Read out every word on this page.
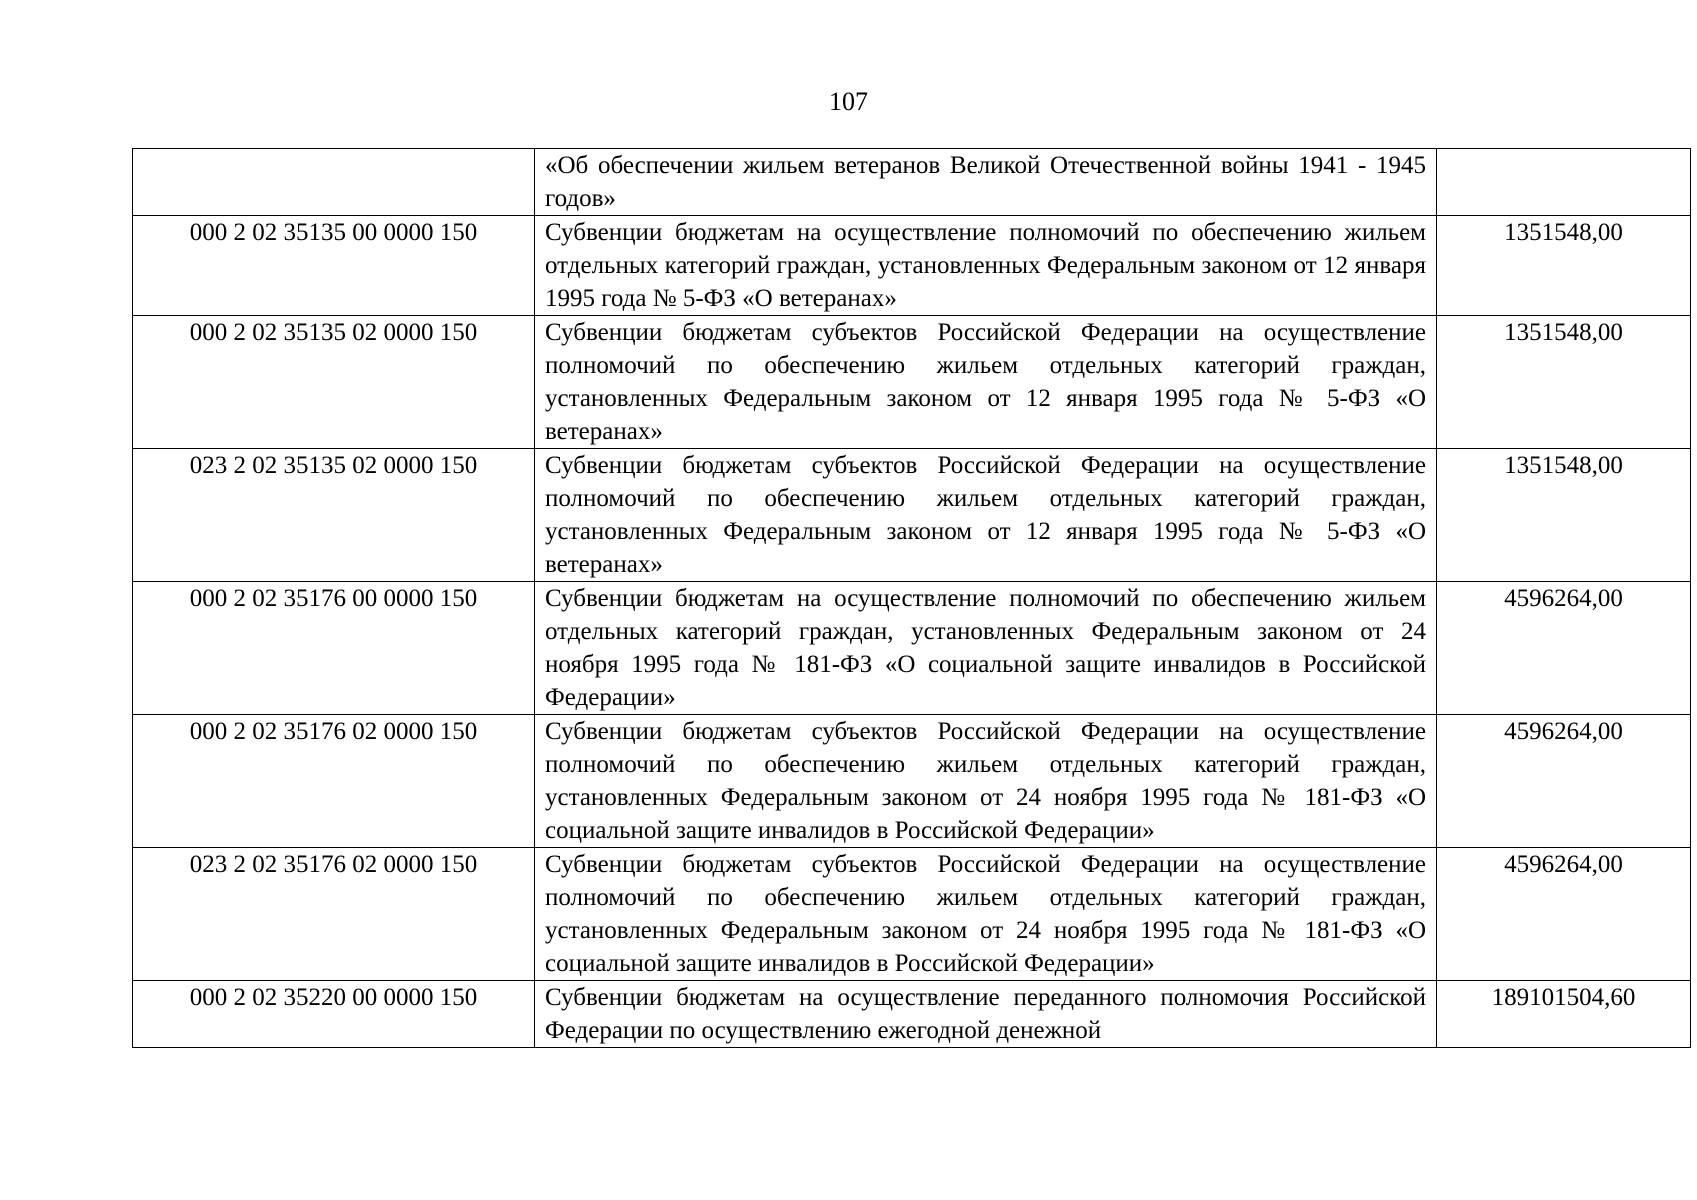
107
	«Об обеспечении жильем ветеранов Великой Отечественной войны 1941 - 1945 годов»	
000 2 02 35135 00 0000 150	Субвенции бюджетам на осуществление полномочий по обеспечению жильем отдельных категорий граждан, установленных Федеральным законом от 12 января 1995 года № 5-ФЗ «О ветеранах»	1351548,00
000 2 02 35135 02 0000 150	Субвенции бюджетам субъектов Российской Федерации на осуществление полномочий по обеспечению жильем отдельных категорий граждан, установленных Федеральным законом от 12 января 1995 года № 5-ФЗ «О ветеранах»	1351548,00
023 2 02 35135 02 0000 150	Субвенции бюджетам субъектов Российской Федерации на осуществление полномочий по обеспечению жильем отдельных категорий граждан, установленных Федеральным законом от 12 января 1995 года № 5-ФЗ «О ветеранах»	1351548,00
000 2 02 35176 00 0000 150	Субвенции бюджетам на осуществление полномочий по обеспечению жильем отдельных категорий граждан, установленных Федеральным законом от 24 ноября 1995 года № 181-ФЗ «О социальной защите инвалидов в Российской Федерации»	4596264,00
000 2 02 35176 02 0000 150	Субвенции бюджетам субъектов Российской Федерации на осуществление полномочий по обеспечению жильем отдельных категорий граждан, установленных Федеральным законом от 24 ноября 1995 года № 181-ФЗ «О социальной защите инвалидов в Российской Федерации»	4596264,00
023 2 02 35176 02 0000 150	Субвенции бюджетам субъектов Российской Федерации на осуществление полномочий по обеспечению жильем отдельных категорий граждан, установленных Федеральным законом от 24 ноября 1995 года № 181-ФЗ «О социальной защите инвалидов в Российской Федерации»	4596264,00
000 2 02 35220 00 0000 150	Субвенции бюджетам на осуществление переданного полномочия Российской Федерации по осуществлению ежегодной денежной	189101504,60
